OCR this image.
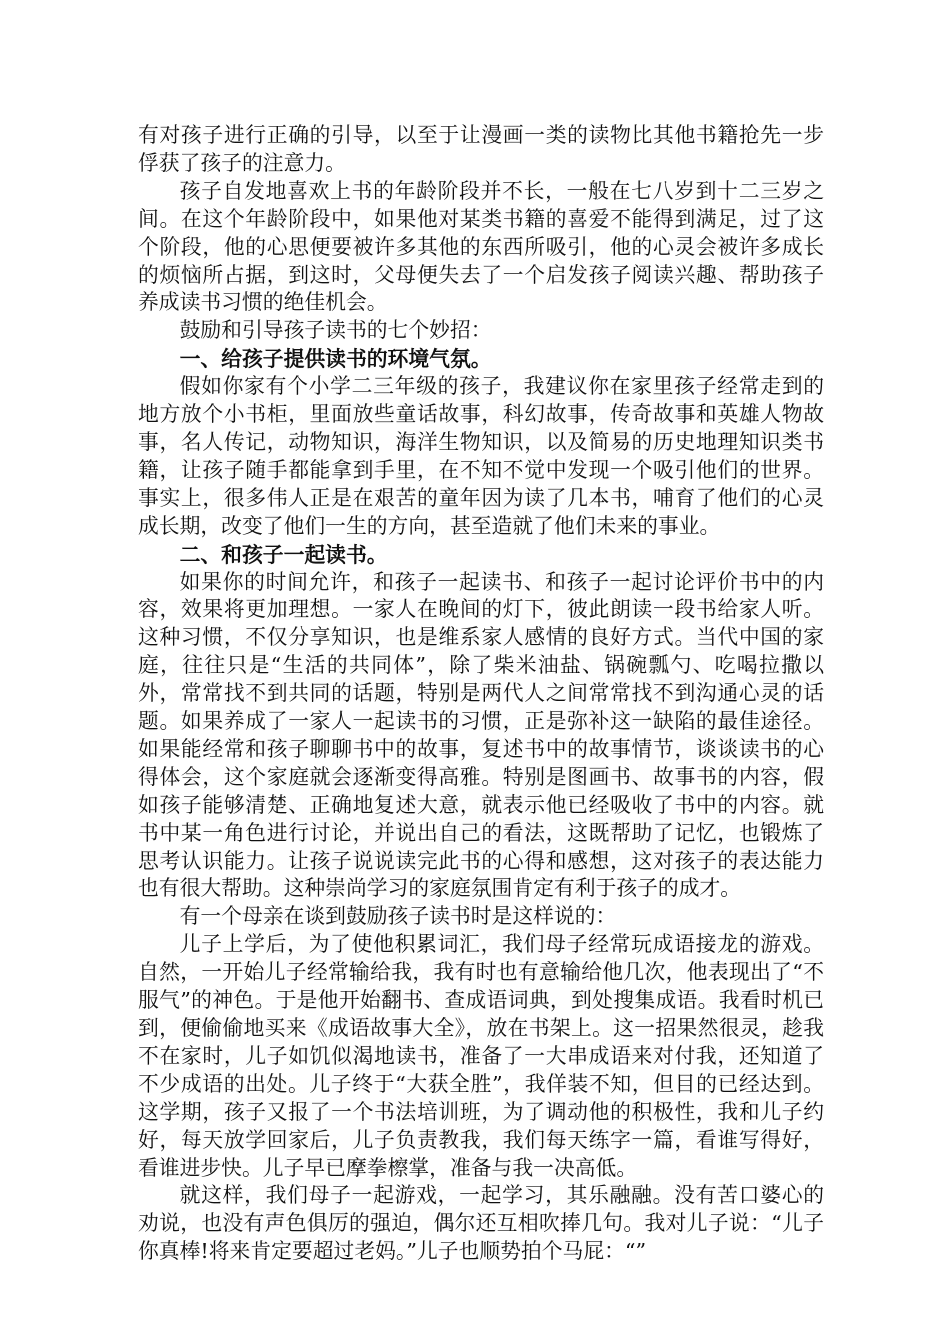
有对孩子进行正确的引导，以至于让漫画一类的读物比其他书籍抢先一步俘获了孩子的注意力。

孩子自发地喜欢上书的年龄阶段并不长，一般在七八岁到十二三岁之间。在这个年龄阶段中，如果他对某类书籍的喜爱不能得到满足，过了这个阶段，他的心思便要被许多其他的东西所吸引，他的心灵会被许多成长的烦恼所占据，到这时，父母便失去了一个启发孩子阅读兴趣、帮助孩子养成读书习惯的绝佳机会。

鼓励和引导孩子读书的七个妙招：

一、给孩子提供读书的环境气氛。

假如你家有个小学二三年级的孩子，我建议你在家里孩子经常走到的地方放个小书柜，里面放些童话故事，科幻故事，传奇故事和英雄人物故事，名人传记，动物知识，海洋生物知识，以及简易的历史地理知识类书籍，让孩子随手都能拿到手里，在不知不觉中发现一个吸引他们的世界。事实上，很多伟人正是在艰苦的童年因为读了几本书，哺育了他们的心灵成长期，改变了他们一生的方向，甚至造就了他们未来的事业。

二、和孩子一起读书。

如果你的时间允许，和孩子一起读书、和孩子一起讨论评价书中的内容，效果将更加理想。一家人在晚间的灯下，彼此朗读一段书给家人听。这种习惯，不仅分享知识，也是维系家人感情的良好方式。当代中国的家庭，往往只是“生活的共同体”，除了柴米油盐、锅碗瓢勺、吃喝拉撒以外，常常找不到共同的话题，特别是两代人之间常常找不到沟通心灵的话题。如果养成了一家人一起读书的习惯，正是弥补这一缺陷的最佳途径。如果能经常和孩子聊聊书中的故事，复述书中的故事情节，谈谈读书的心得体会，这个家庭就会逐渐变得高雅。特别是图画书、故事书的内容，假如孩子能够清楚、正确地复述大意，就表示他已经吸收了书中的内容。就书中某一角色进行讨论，并说出自己的看法，这既帮助了记忆，也锻炼了思考认识能力。让孩子说说读完此书的心得和感想，这对孩子的表达能力也有很大帮助。这种崇尚学习的家庭氛围肯定有利于孩子的成才。

有一个母亲在谈到鼓励孩子读书时是这样说的：

儿子上学后，为了使他积累词汇，我们母子经常玩成语接龙的游戏。自然，一开始儿子经常输给我，我有时也有意输给他几次，他表现出了“不服气”的神色。于是他开始翻书、查成语词典，到处搜集成语。我看时机已到，便偷偷地买来《成语故事大全》，放在书架上。这一招果然很灵，趁我不在家时，儿子如饥似渴地读书，准备了一大串成语来对付我，还知道了不少成语的出处。儿子终于“大获全胜”，我佯装不知，但目的已经达到。这学期，孩子又报了一个书法培训班，为了调动他的积极性，我和儿子约好，每天放学回家后，儿子负责教我，我们每天练字一篇，看谁写得好，看谁进步快。儿子早已摩拳檫掌，准备与我一决高低。

就这样，我们母子一起游戏，一起学习，其乐融融。没有苦口婆心的劝说，也没有声色俱厉的强迫，偶尔还互相吹捧几句。我对儿子说：“儿子你真棒!将来肯定要超过老妈。”儿子也顺势拍个马屁：“”
